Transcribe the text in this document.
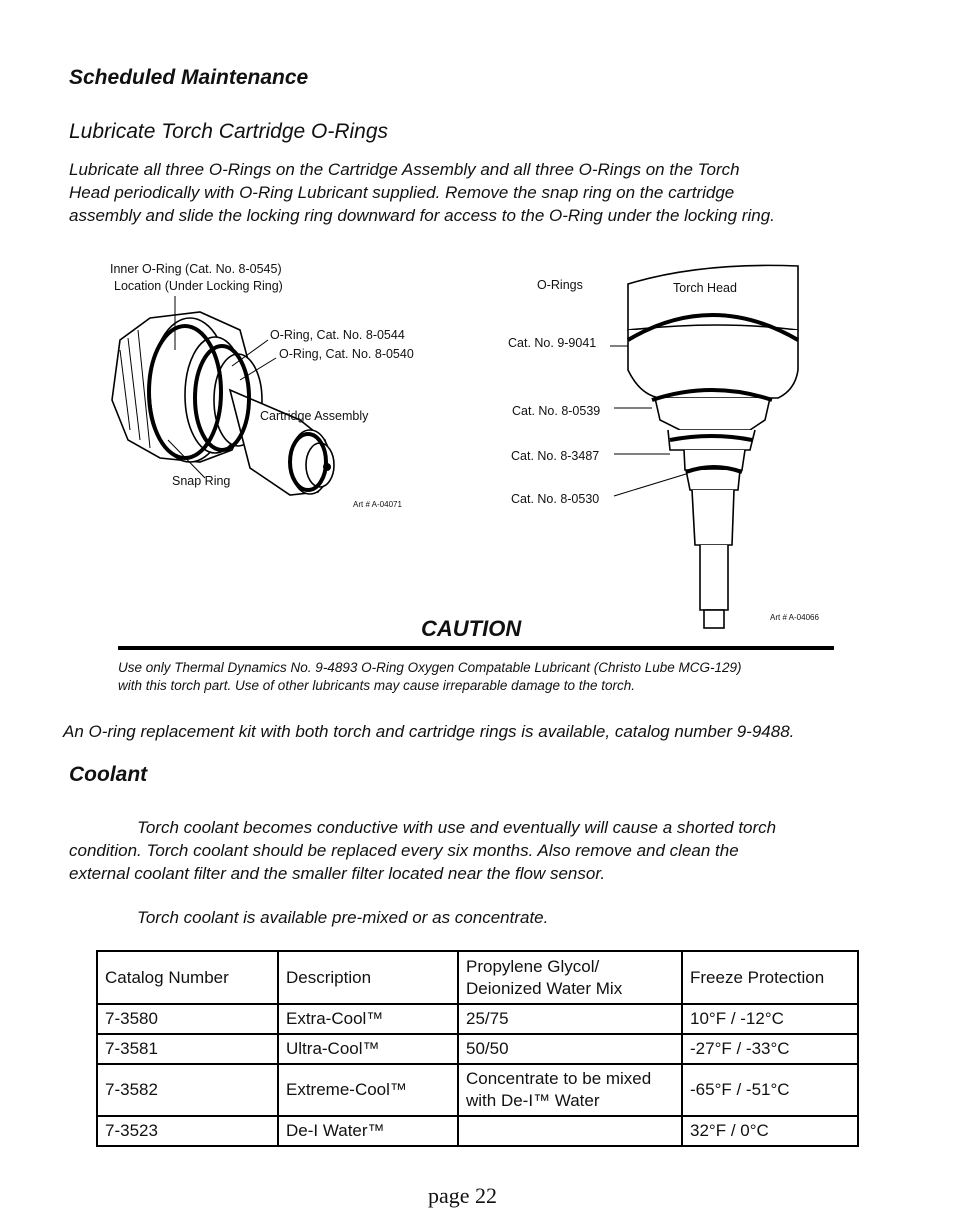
Scheduled Maintenance
Lubricate Torch Cartridge O-Rings
Lubricate all three O-Rings on the Cartridge Assembly and all three O-Rings on the Torch
Head periodically with O-Ring Lubricant supplied. Remove the snap ring on the cartridge
assembly and slide the locking ring downward for access to the O-Ring under the locking ring.
Inner O-Ring (Cat. No. 8-0545)
Location (Under Locking Ring)
O-Ring, Cat. No. 8-0544
O-Ring, Cat. No. 8-0540
Cartridge Assembly
Snap Ring
Art # A-04071
O-Rings	Torch Head
Cat. No. 9-9041
Cat. No. 8-0539
Cat. No. 8-3487
Cat. No. 8-0530
Art # A-04066
CAUTION
Use only Thermal Dynamics No. 9-4893 O-Ring Oxygen Compatable Lubricant (Christo Lube MCG-129)
with this torch part. Use of other lubricants may cause irreparable damage to the torch.
An O-ring replacement kit with both torch and cartridge rings is available, catalog number 9-9488.
Coolant
Torch coolant becomes conductive with use and eventually will cause a shorted torch
condition. Torch coolant should be replaced every six months. Also remove and clean the
external coolant filter and the smaller filter located near the flow sensor.
Torch coolant is available pre-mixed or as concentrate.
Catalog Number	Description	Propylene Glycol/ Deionized Water Mix	Freeze Protection
7-3580	Extra-Cool™	25/75	10°F / -12°C
7-3581	Ultra-Cool™	50/50	-27°F / -33°C
7-3582	Extreme-Cool™	Concentrate to be mixed with De-I™ Water	-65°F / -51°C
7-3523	De-I Water™		32°F / 0°C
page 22
